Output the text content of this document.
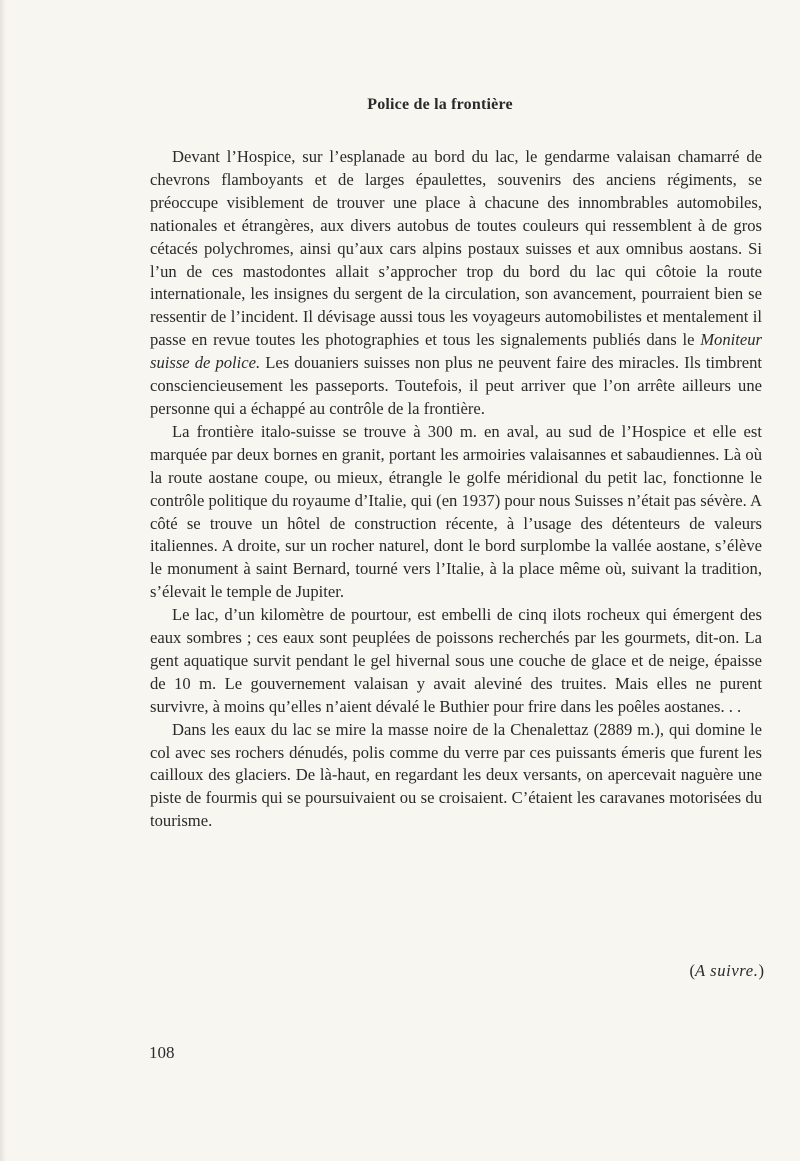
Police de la frontière

Devant l’Hospice, sur l’esplanade au bord du lac, le gendarme valaisan chamarré de chevrons flamboyants et de larges épaulettes, souvenirs des anciens régiments, se préoccupe visiblement de trouver une place à chacune des innombrables automobiles, nationales et étrangères, aux divers autobus de toutes couleurs qui ressemblent à de gros cétacés polychromes, ainsi qu’aux cars alpins postaux suisses et aux omnibus aostans. Si l’un de ces mastodontes allait s’approcher trop du bord du lac qui côtoie la route internationale, les insignes du sergent de la circulation, son avancement, pourraient bien se ressentir de l’incident. Il dévisage aussi tous les voyageurs automobilistes et mentalement il passe en revue toutes les photographies et tous les signalements publiés dans le Moniteur suisse de police. Les douaniers suisses non plus ne peuvent faire des miracles. Ils timbrent consciencieusement les passeports. Toutefois, il peut arriver que l’on arrête ailleurs une personne qui a échappé au contrôle de la frontière.

La frontière italo-suisse se trouve à 300 m. en aval, au sud de l’Hospice et elle est marquée par deux bornes en granit, portant les armoiries valaisannes et sabaudiennes. Là où la route aostane coupe, ou mieux, étrangle le golfe méridional du petit lac, fonctionne le contrôle politique du royaume d’Italie, qui (en 1937) pour nous Suisses n’était pas sévère. A côté se trouve un hôtel de construction récente, à l’usage des détenteurs de valeurs italiennes. A droite, sur un rocher naturel, dont le bord surplombe la vallée aostane, s’élève le monument à saint Bernard, tourné vers l’Italie, à la place même où, suivant la tradition, s’élevait le temple de Jupiter.

Le lac, d’un kilomètre de pourtour, est embelli de cinq ilots rocheux qui émergent des eaux sombres ; ces eaux sont peuplées de poissons recherchés par les gourmets, dit-on. La gent aquatique survit pendant le gel hivernal sous une couche de glace et de neige, épaisse de 10 m. Le gouvernement valaisan y avait aleviné des truites. Mais elles ne purent survivre, à moins qu’elles n’aient dévalé le Buthier pour frire dans les poêles aostanes. . .

Dans les eaux du lac se mire la masse noire de la Chenalettaz (2889 m.), qui domine le col avec ses rochers dénudés, polis comme du verre par ces puissants émeris que furent les cailloux des glaciers. De là-haut, en regardant les deux versants, on apercevait naguère une piste de fourmis qui se poursuivaient ou se croisaient. C’étaient les caravanes motorisées du tourisme.

(A suivre.)
108
